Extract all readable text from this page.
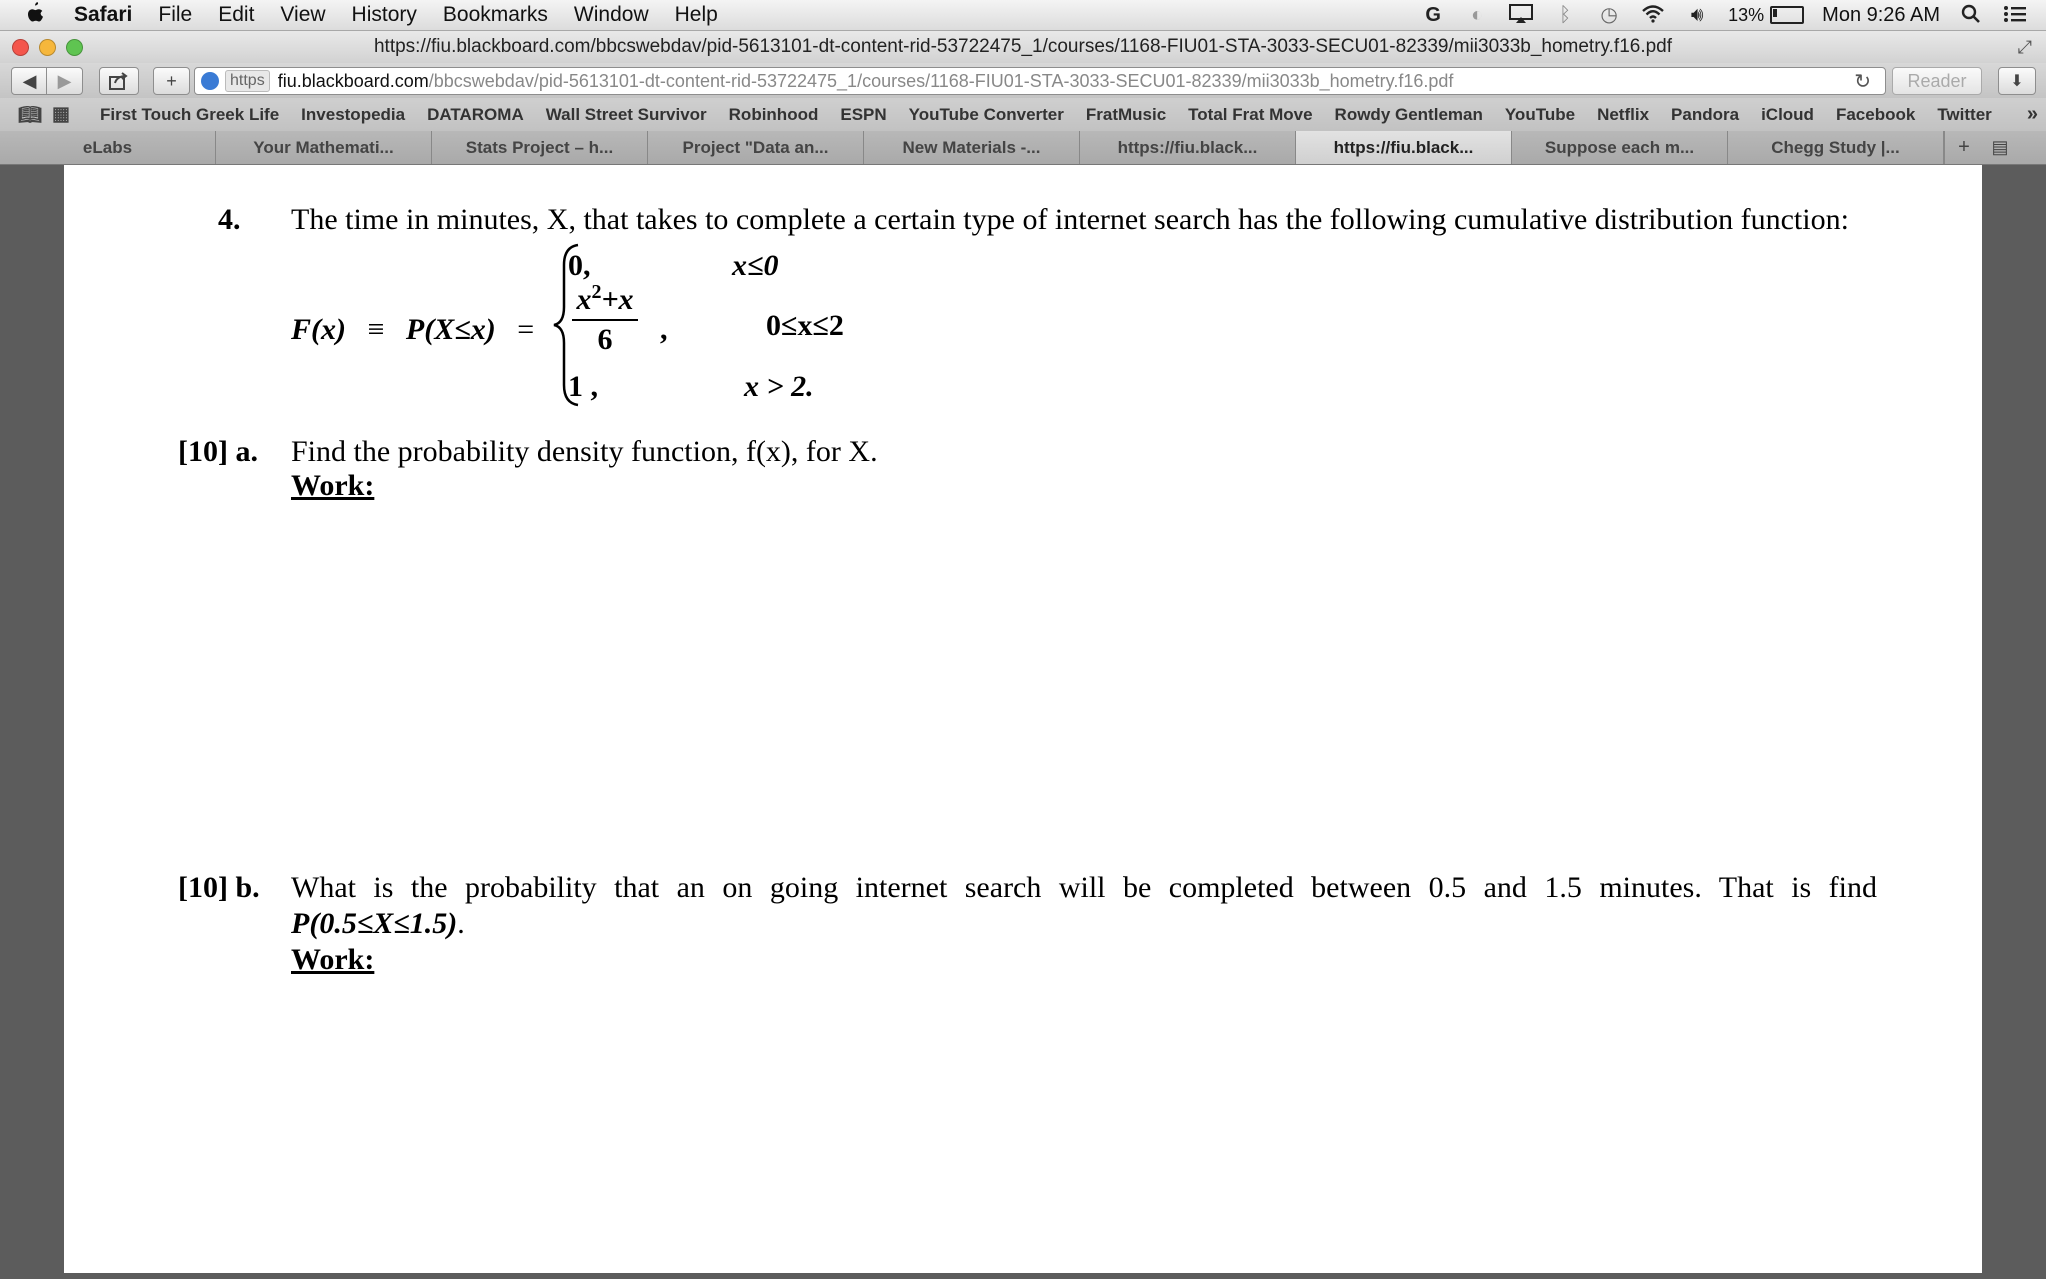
Safari File Edit View History Bookmarks Window Help	G	◐	ᛒ	◷	🔊︎	13%	Mon 9:26 AM
https://fiu.blackboard.com/bbcswebdav/pid-5613101-dt-content-rid-53722475_1/courses/1168-FIU01-STA-3033-SECU01-82339/mii3033b_hometry.f16.pdf	⤢
◀ ▶	+	https fiu.blackboard.com /bbcswebdav/pid-5613101-dt-content-rid-53722475_1/courses/1168-FIU01-STA-3033-SECU01-82339/mii3033b_hometry.f16.pdf	↻	Reader	⬇
📖︎ ▦	First Touch Greek Life Investopedia DATAROMA Wall Street Survivor Robinhood ESPN YouTube Converter FratMusic Total Frat Move Rowdy Gentleman YouTube Netflix Pandora iCloud Facebook Twitter »
eLabs	Your Mathemati...	Stats Project – h...	Project "Data an...	New Materials -...	https://fiu.black...	https://fiu.black...	Suppose each m...	Chegg Study |...	+	▤
4. The time in minutes, X, that takes to complete a certain type of internet search has the following cumulative distribution function:
F(x) ≡ P(X≤x) =
0,	x≤0
$\frac{x^2+x}{6}$ ,	0≤x≤2
1 ,	x > 2.
[10] a. Find the probability density function, f(x), for X.
Work:
[10] b. What is the probability that an on going internet search will be completed between 0.5 and 1.5 minutes. That is find
P(0.5≤X≤1.5).
Work:
